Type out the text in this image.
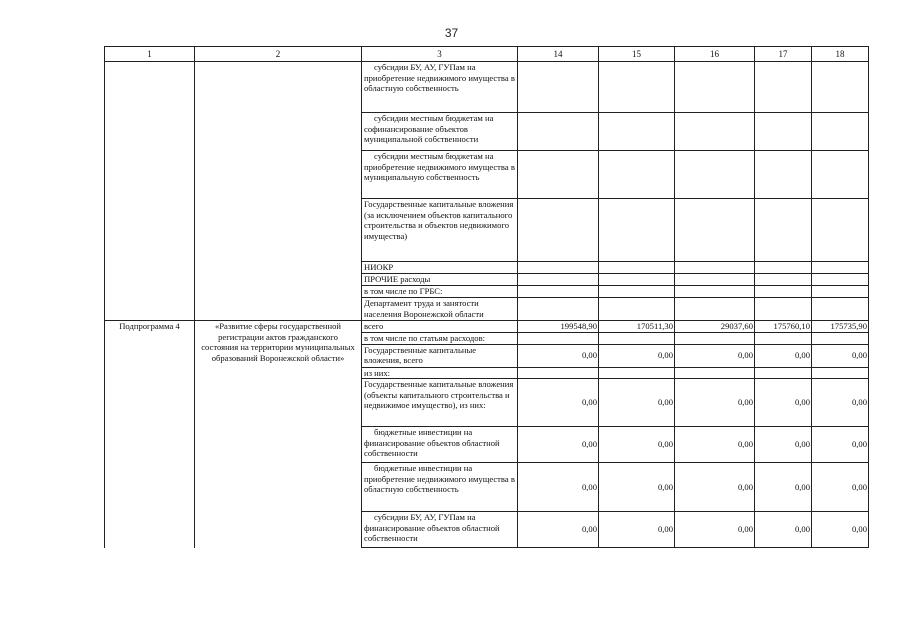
37
1	2	3	14	15	16	17	18
		субсидии БУ, АУ, ГУПам на приобретение недвижимого имущества в областную собственность					
		субсидии местным бюджетам на софинансирование объектов муниципальной собственности					
		субсидии местным бюджетам на приобретение недвижимого имущества в муниципальную собственность					
		Государственные капитальные вложения (за исключением объектов капитального строительства и объектов недвижимого имущества)					
		НИОКР					
		ПРОЧИЕ расходы					
		в том числе по ГРБС:					
		Департамент труда и занятости населения Воронежской области					
Подпрограмма 4	«Развитие сферы государственной регистрации актов гражданского состояния на территории муниципальных образований Воронежской области»	всего	199548,90	170511,30	29037,60	175760,10	175735,90
		в том числе по статьям расходов:					
		Государственные капитальные вложения, всего	0,00	0,00	0,00	0,00	0,00
		из них:					
		Государственные капитальные вложения (объекты капитального строительства и недвижимое имущество), из них:	0,00	0,00	0,00	0,00	0,00
		бюджетные инвестиции на финансирование объектов областной собственности	0,00	0,00	0,00	0,00	0,00
		бюджетные инвестиции на приобретение недвижимого имущества в областную собственность	0,00	0,00	0,00	0,00	0,00
		субсидии БУ, АУ, ГУПам на финансирование объектов областной собственности	0,00	0,00	0,00	0,00	0,00
